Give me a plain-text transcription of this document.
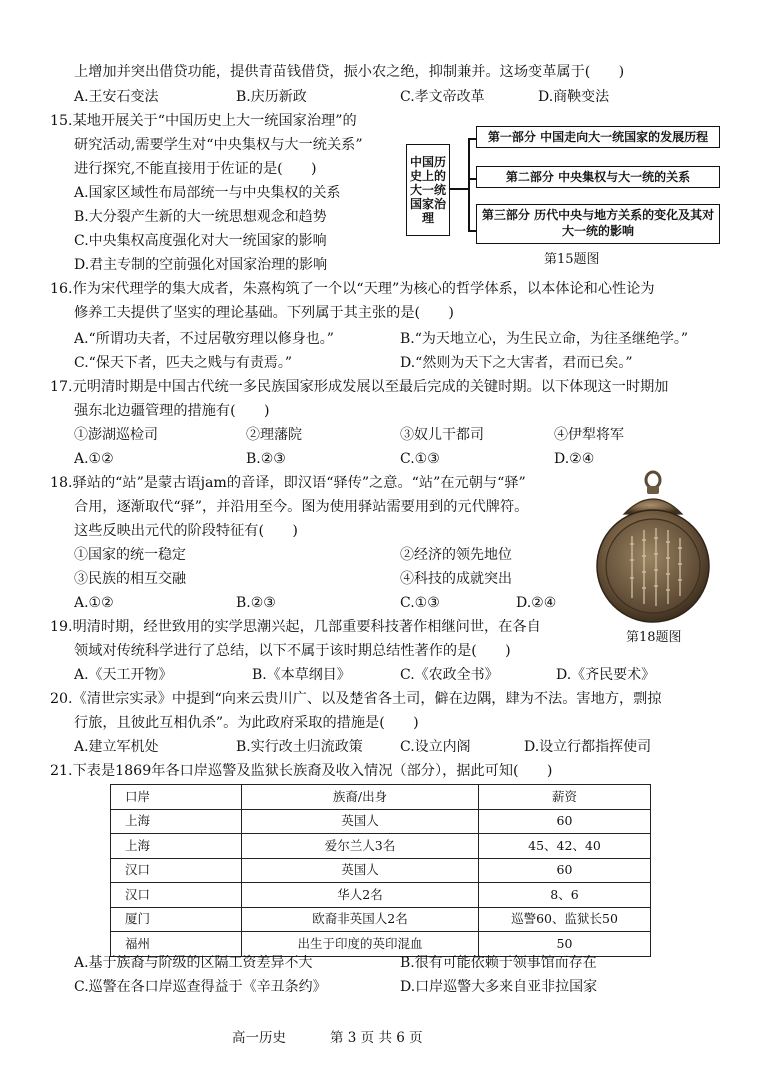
上增加并突出借贷功能，提供青苗钱借贷，振小农之绝，抑制兼并。这场变革属于(　　)
A.王安石变法	B.庆历新政	C.孝文帝改革	D.商鞅变法
15.某地开展关于“中国历史上大一统国家治理”的
研究活动,需要学生对“中央集权与大一统关系”
进行探究,不能直接用于佐证的是(　　)
A.国家区域性布局部统一与中央集权的关系
B.大分裂产生新的大一统思想观念和趋势
C.中央集权高度强化对大一统国家的影响
D.君主专制的空前强化对国家治理的影响
中国历史上的大一统国家治理
第一部分 中国走向大一统国家的发展历程
第二部分 中央集权与大一统的关系
第三部分 历代中央与地方关系的变化及其对大一统的影响
第15题图
16.作为宋代理学的集大成者，朱熹构筑了一个以“天理”为核心的哲学体系，以本体论和心性论为
修养工夫提供了坚实的理论基础。下列属于其主张的是(　　)
A.“所谓功夫者，不过居敬穷理以修身也。”	B.“为天地立心，为生民立命，为往圣继绝学。”
C.“保天下者，匹夫之贱与有责焉。”	D.“然则为天下之大害者，君而已矣。”
17.元明清时期是中国古代统一多民族国家形成发展以至最后完成的关键时期。以下体现这一时期加
强东北边疆管理的措施有(　　)
①澎湖巡检司	②理藩院	③奴儿干都司	④伊犁将军
A.①②	B.②③	C.①③	D.②④
18.驿站的“站”是蒙古语jam的音译，即汉语“驿传”之意。“站”在元朝与“驿”
合用，逐渐取代“驿”，并沿用至今。图为使用驿站需要用到的元代牌符。
这些反映出元代的阶段特征有(　　)
①国家的统一稳定	②经济的领先地位
③民族的相互交融	④科技的成就突出
A.①②	B.②③	C.①③	D.②④
第18题图
19.明清时期，经世致用的实学思潮兴起，几部重要科技著作相继问世，在各自
领域对传统科学进行了总结，以下不属于该时期总结性著作的是(　　)
A.《天工开物》	B.《本草纲目》	C.《农政全书》	D.《齐民要术》
20.《清世宗实录》中提到“向来云贵川广、以及楚省各土司，僻在边隅，肆为不法。害地方，剽掠
行旅，且彼此互相仇杀”。为此政府采取的措施是(　　)
A.建立军机处	B.实行改土归流政策	C.设立内阁	D.设立行都指挥使司
21.下表是1869年各口岸巡警及监狱长族裔及收入情况（部分），据此可知(　　)
口岸	族裔/出身	薪资
上海	英国人	60
上海	爱尔兰人3名	45、42、40
汉口	英国人	60
汉口	华人2名	8、6
厦门	欧裔非英国人2名	巡警60、监狱长50
福州	出生于印度的英印混血	50
A.基于族裔与阶级的区隔工资差异不大	B.很有可能依赖于领事馆而存在
C.巡警在各口岸巡查得益于《辛丑条约》	D.口岸巡警大多来自亚非拉国家
高一历史	第 3 页 共 6 页
